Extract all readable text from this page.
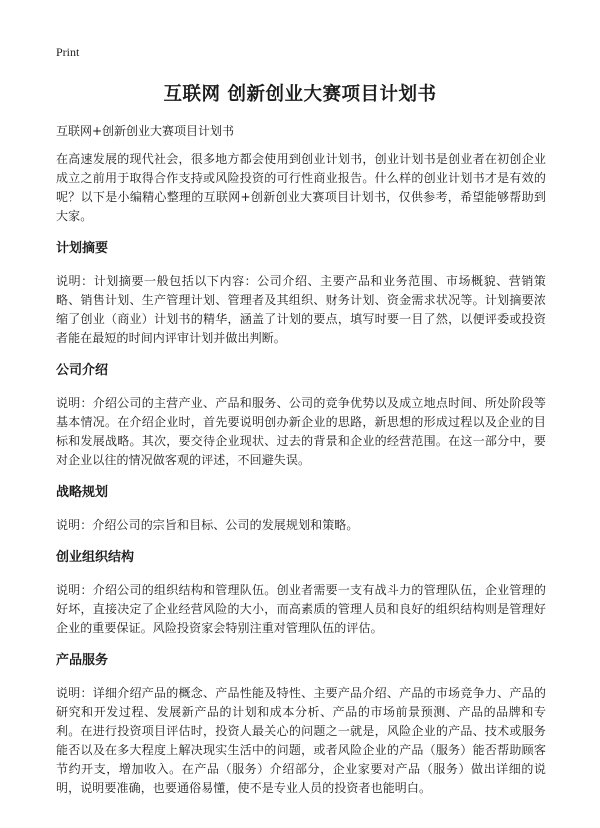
Print
互联网 创新创业大赛项目计划书

互联网+创新创业大赛项目计划书

在高速发展的现代社会，很多地方都会使用到创业计划书，创业计划书是创业者在初创企业成立之前用于取得合作支持或风险投资的可行性商业报告。什么样的创业计划书才是有效的呢？以下是小编精心整理的互联网+创新创业大赛项目计划书，仅供参考，希望能够帮助到大家。

计划摘要

说明：计划摘要一般包括以下内容：公司介绍、主要产品和业务范围、市场概貌、营销策略、销售计划、生产管理计划、管理者及其组织、财务计划、资金需求状况等。计划摘要浓缩了创业（商业）计划书的精华，涵盖了计划的要点，填写时要一目了然，以便评委或投资者能在最短的时间内评审计划并做出判断。

公司介绍

说明：介绍公司的主营产业、产品和服务、公司的竞争优势以及成立地点时间、所处阶段等基本情况。在介绍企业时，首先要说明创办新企业的思路，新思想的形成过程以及企业的目标和发展战略。其次，要交待企业现状、过去的背景和企业的经营范围。在这一部分中，要对企业以往的情况做客观的评述，不回避失误。

战略规划

说明：介绍公司的宗旨和目标、公司的发展规划和策略。

创业组织结构

说明：介绍公司的组织结构和管理队伍。创业者需要一支有战斗力的管理队伍，企业管理的好坏，直接决定了企业经营风险的大小，而高素质的管理人员和良好的组织结构则是管理好企业的重要保证。风险投资家会特别注重对管理队伍的评估。

产品服务

说明：详细介绍产品的概念、产品性能及特性、主要产品介绍、产品的市场竞争力、产品的研究和开发过程、发展新产品的计划和成本分析、产品的市场前景预测、产品的品牌和专利。在进行投资项目评估时，投资人最关心的问题之一就是，风险企业的产品、技术或服务能否以及在多大程度上解决现实生活中的问题，或者风险企业的产品（服务）能否帮助顾客节约开支，增加收入。在产品（服务）介绍部分，企业家要对产品（服务）做出详细的说明，说明要准确，也要通俗易懂，使不是专业人员的投资者也能明白。
